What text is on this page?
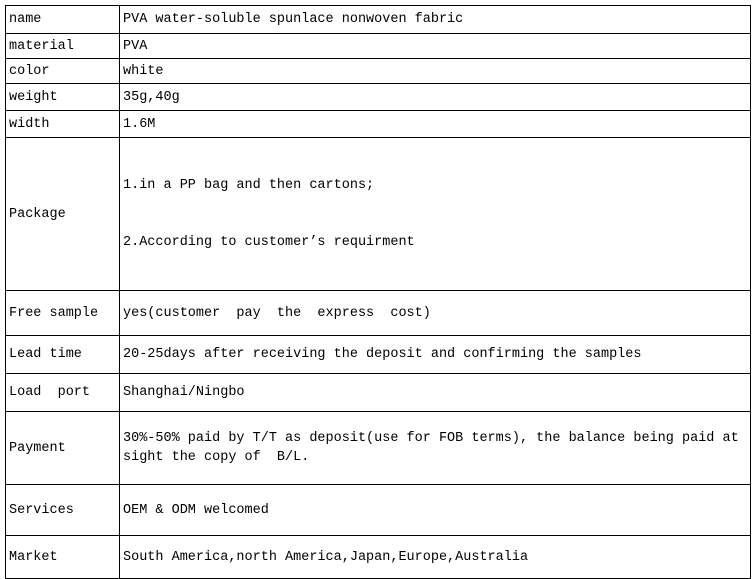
name	PVA water-soluble spunlace nonwoven fabric
material	PVA
color	white
weight	35g,40g
width	1.6M
Package	1.in a PP bag and then cartons;

2.According to customer’s requirment

Free sample	yes(customer  pay  the  express  cost)
Lead time	20-25days after receiving the deposit and confirming the samples
Load  port	Shanghai/Ningbo
Payment	30%-50% paid by T/T as deposit(use for FOB terms), the balance being paid at sight the copy of  B/L.
Services	OEM & ODM welcomed
Market	South America,north America,Japan,Europe,Australia
